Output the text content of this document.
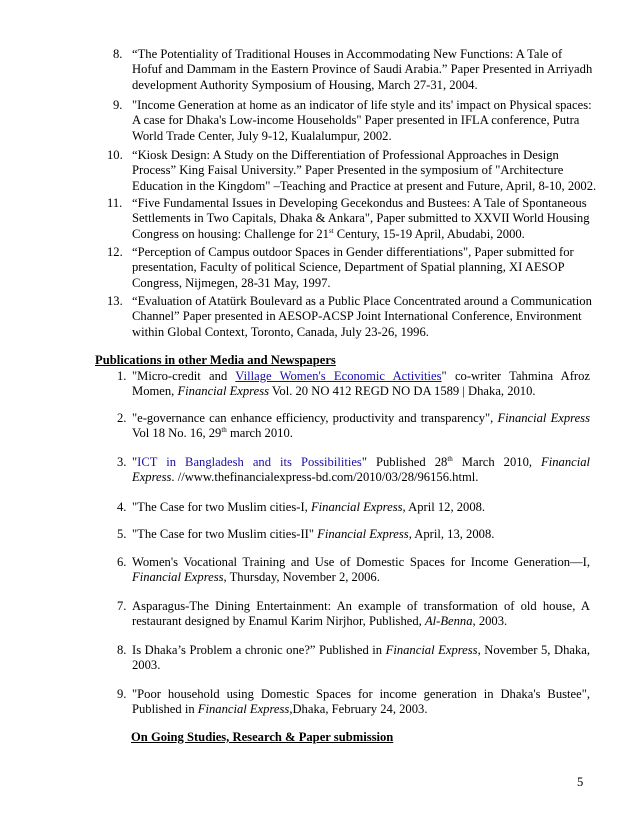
8. “The Potentiality of Traditional Houses in Accommodating New Functions: A Tale of
Hofuf and Dammam in the Eastern Province of Saudi Arabia.” Paper Presented in Arriyadh
development Authority Symposium of Housing, March 27-31, 2004.
9. "Income Generation at home as an indicator of life style and its' impact on Physical spaces:
A case for Dhaka's Low-income Households" Paper presented in IFLA conference, Putra
World Trade Center, July 9-12, Kualalumpur, 2002.
10. “Kiosk Design: A Study on the Differentiation of Professional Approaches in Design
Process” King Faisal University.” Paper Presented in the symposium of "Architecture
Education in the Kingdom" –Teaching and Practice at present and Future, April, 8-10, 2002.
11. “Five Fundamental Issues in Developing Gecekondus and Bustees: A Tale of Spontaneous
Settlements in Two Capitals, Dhaka & Ankara", Paper submitted to XXVII World Housing
Congress on housing: Challenge for 21st Century, 15-19 April, Abudabi, 2000.
12. “Perception of Campus outdoor Spaces in Gender differentiations", Paper submitted for
presentation, Faculty of political Science, Department of Spatial planning, XI AESOP
Congress, Nijmegen, 28-31 May, 1997.
13. “Evaluation of Atatürk Boulevard as a Public Place Concentrated around a Communication
Channel” Paper presented in AESOP-ACSP Joint International Conference, Environment
within Global Context, Toronto, Canada, July 23-26, 1996.
Publications in other Media and Newspapers
1. "Micro-credit and Village Women's Economic Activities" co-writer Tahmina Afroz
Momen, Financial Express Vol. 20 NO 412 REGD NO DA 1589 | Dhaka, 2010.
2. "e-governance can enhance efficiency, productivity and transparency", Financial Express
Vol 18 No. 16, 29th march 2010.
3. "ICT in Bangladesh and its Possibilities" Published 28th March 2010, Financial
Express. //www.thefinancialexpress-bd.com/2010/03/28/96156.html.
4. "The Case for two Muslim cities-I, Financial Express, April 12, 2008.
5. "The Case for two Muslim cities-II" Financial Express, April, 13, 2008.
6. Women's Vocational Training and Use of Domestic Spaces for Income Generation—I,
Financial Express, Thursday, November 2, 2006.
7. Asparagus-The Dining Entertainment: An example of transformation of old house, A
restaurant designed by Enamul Karim Nirjhor, Published, Al-Benna, 2003.
8. Is Dhaka’s Problem a chronic one?” Published in Financial Express, November 5, Dhaka,
2003.
9. "Poor household using Domestic Spaces for income generation in Dhaka's Bustee",
Published in Financial Express,Dhaka, February 24, 2003.
On Going Studies, Research & Paper submission
5
